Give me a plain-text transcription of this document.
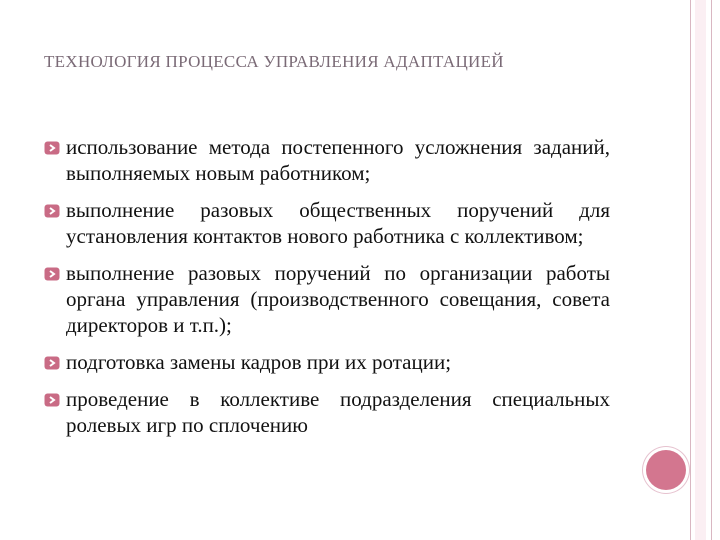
ТЕХНОЛОГИЯ ПРОЦЕССА УПРАВЛЕНИЯ АДАПТАЦИЕЙ
использование метода постепенного усложнения заданий, выполняемых новым работником;
выполнение разовых общественных поручений для установления контактов нового работника с коллективом;
выполнение разовых поручений по организации работы органа управления (производственного совещания, совета директоров и т.п.);
подготовка замены кадров при их ротации;
проведение в коллективе подразделения специальных ролевых игр по сплочению
